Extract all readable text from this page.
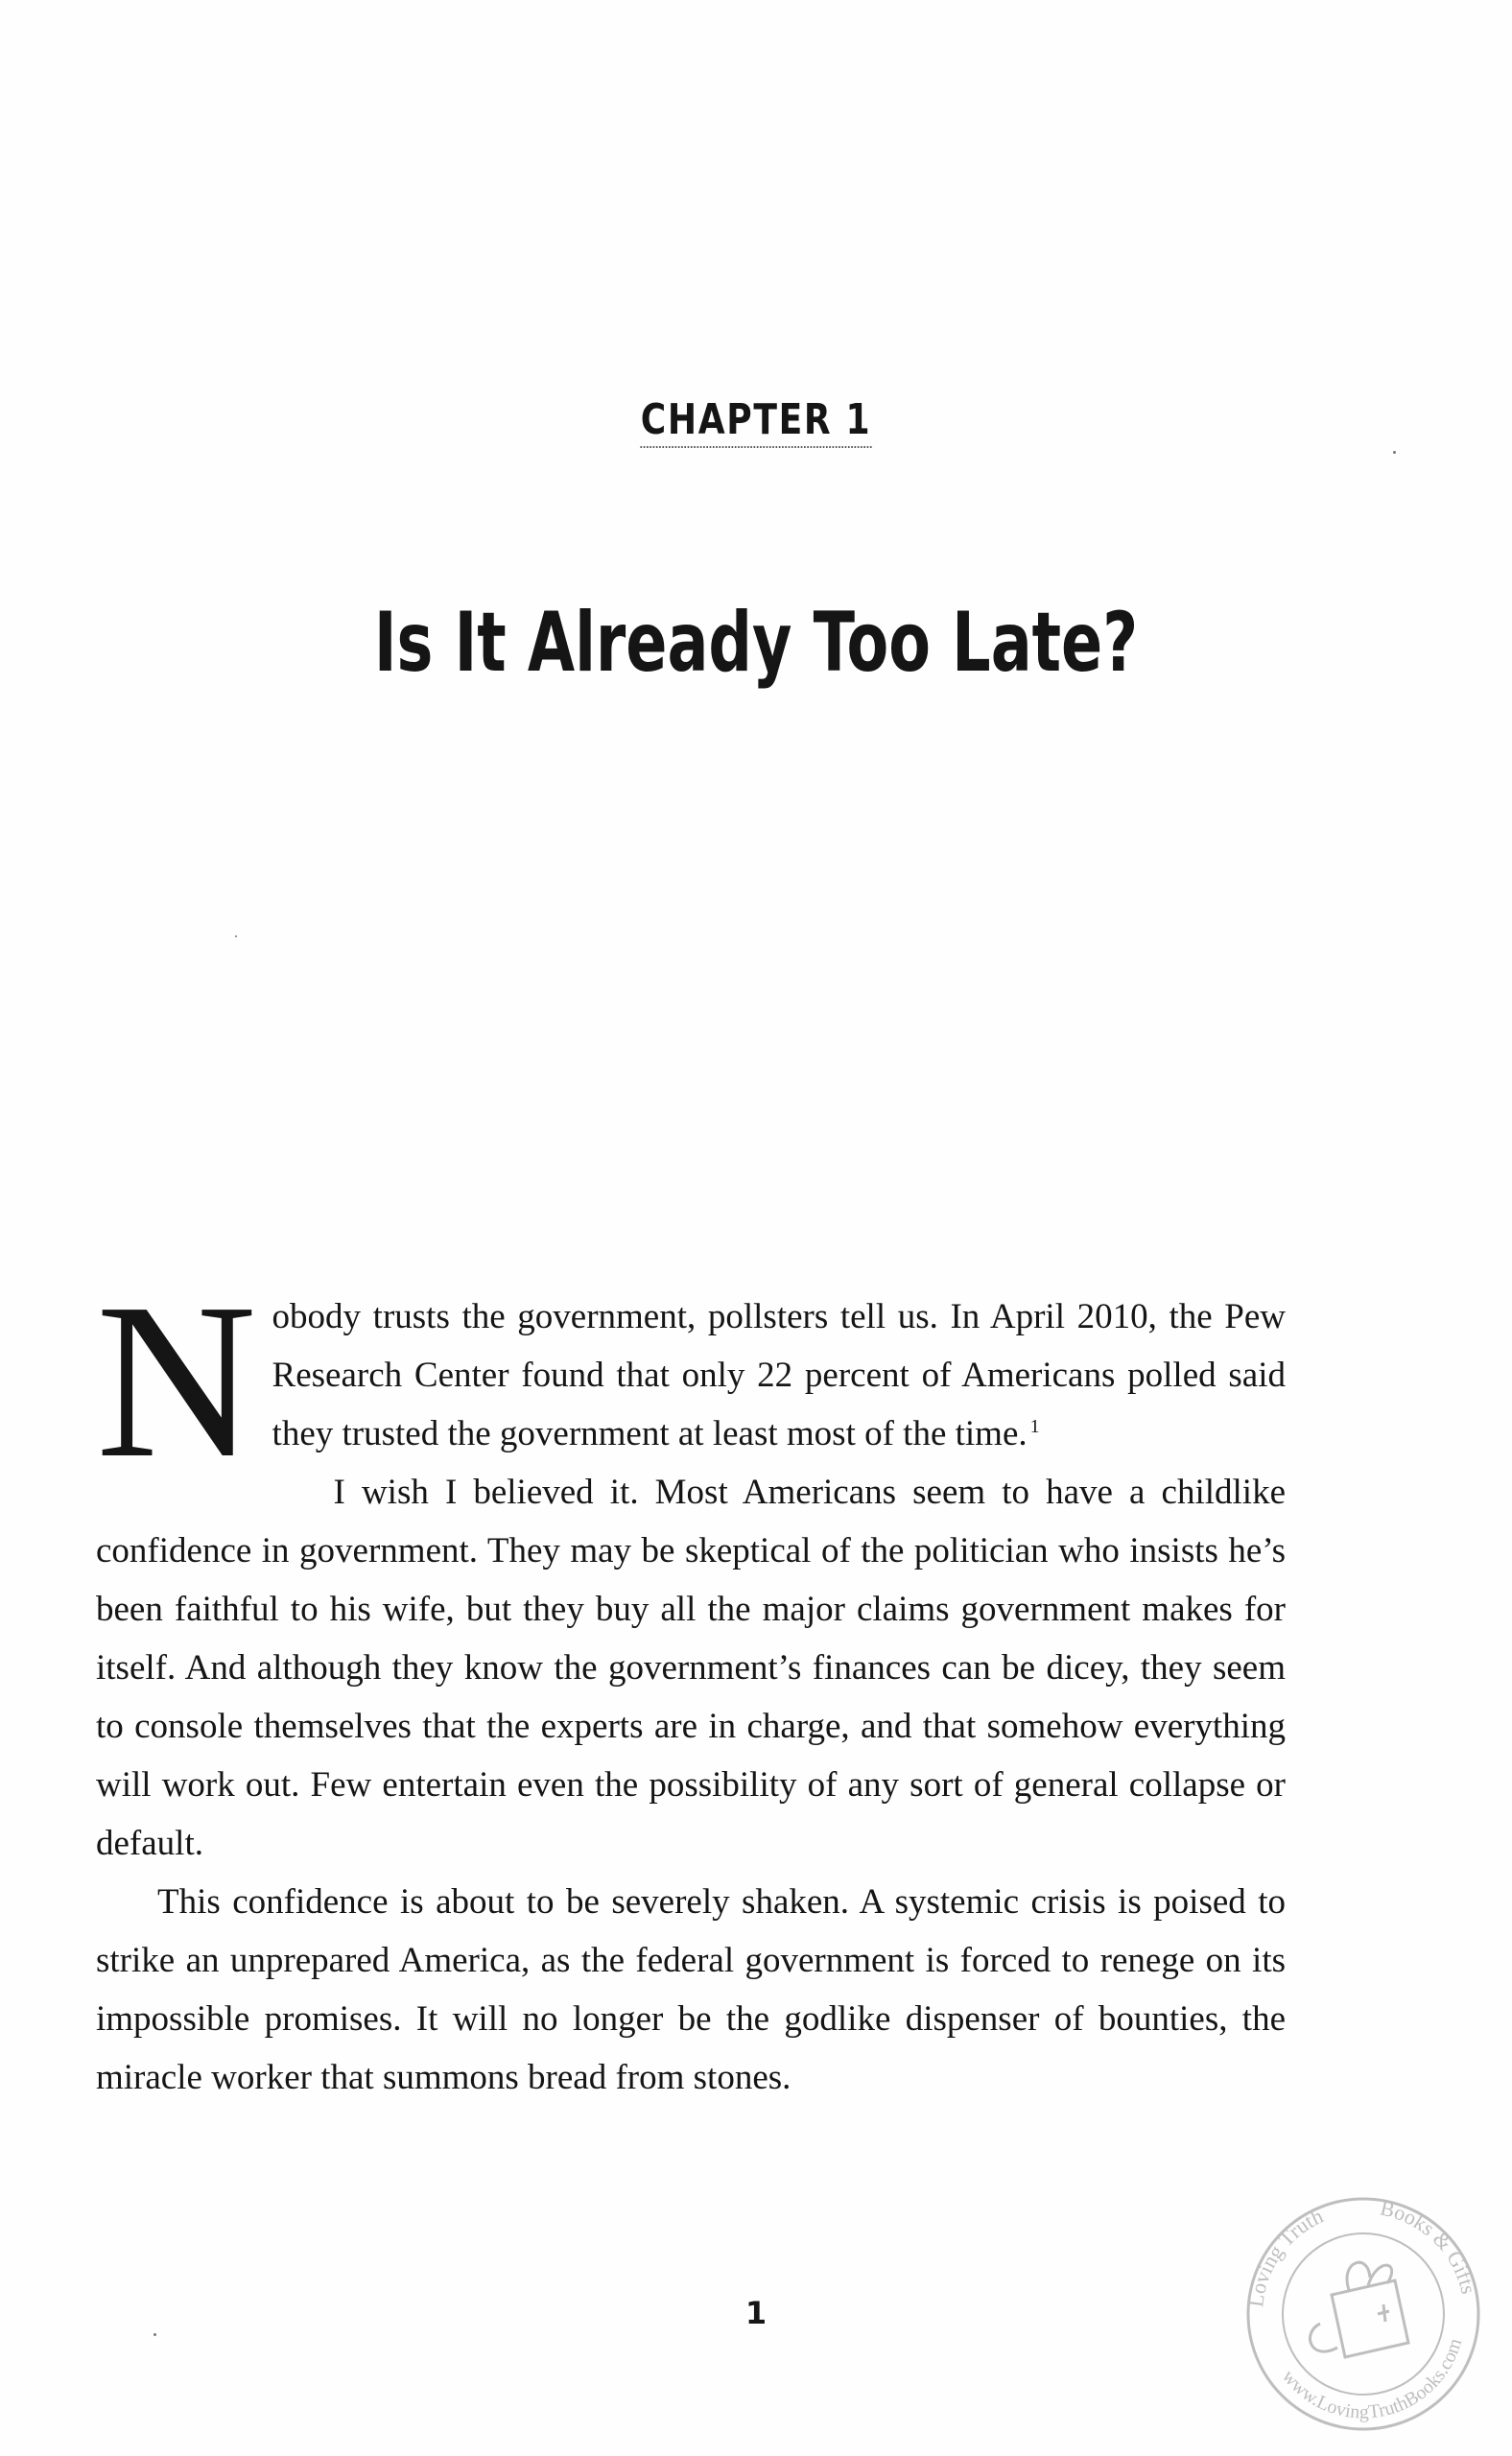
CHAPTER 1
Is It Already Too Late?

Nobody trusts the government, pollsters tell us. In April 2010, the Pew Research Center found that only 22 percent of Americans polled said they trusted the government at least most of the time. $^1$

I wish I believed it. Most Americans seem to have a childlike confidence in government. They may be skeptical of the politician who insists he’s been faithful to his wife, but they buy all the major claims government makes for itself. And although they know the government’s finances can be dicey, they seem to console themselves that the experts are in charge, and that somehow everything will work out. Few entertain even the possibility of any sort of general collapse or default.

This confidence is about to be severely shaken. A systemic crisis is poised to strike an unprepared America, as the federal government is forced to renege on its impossible promises. It will no longer be the godlike dispenser of bounties, the miracle worker that summons bread from stones.

1
Books & Gifts
Loving Truth
www.LovingTruthBooks.com
